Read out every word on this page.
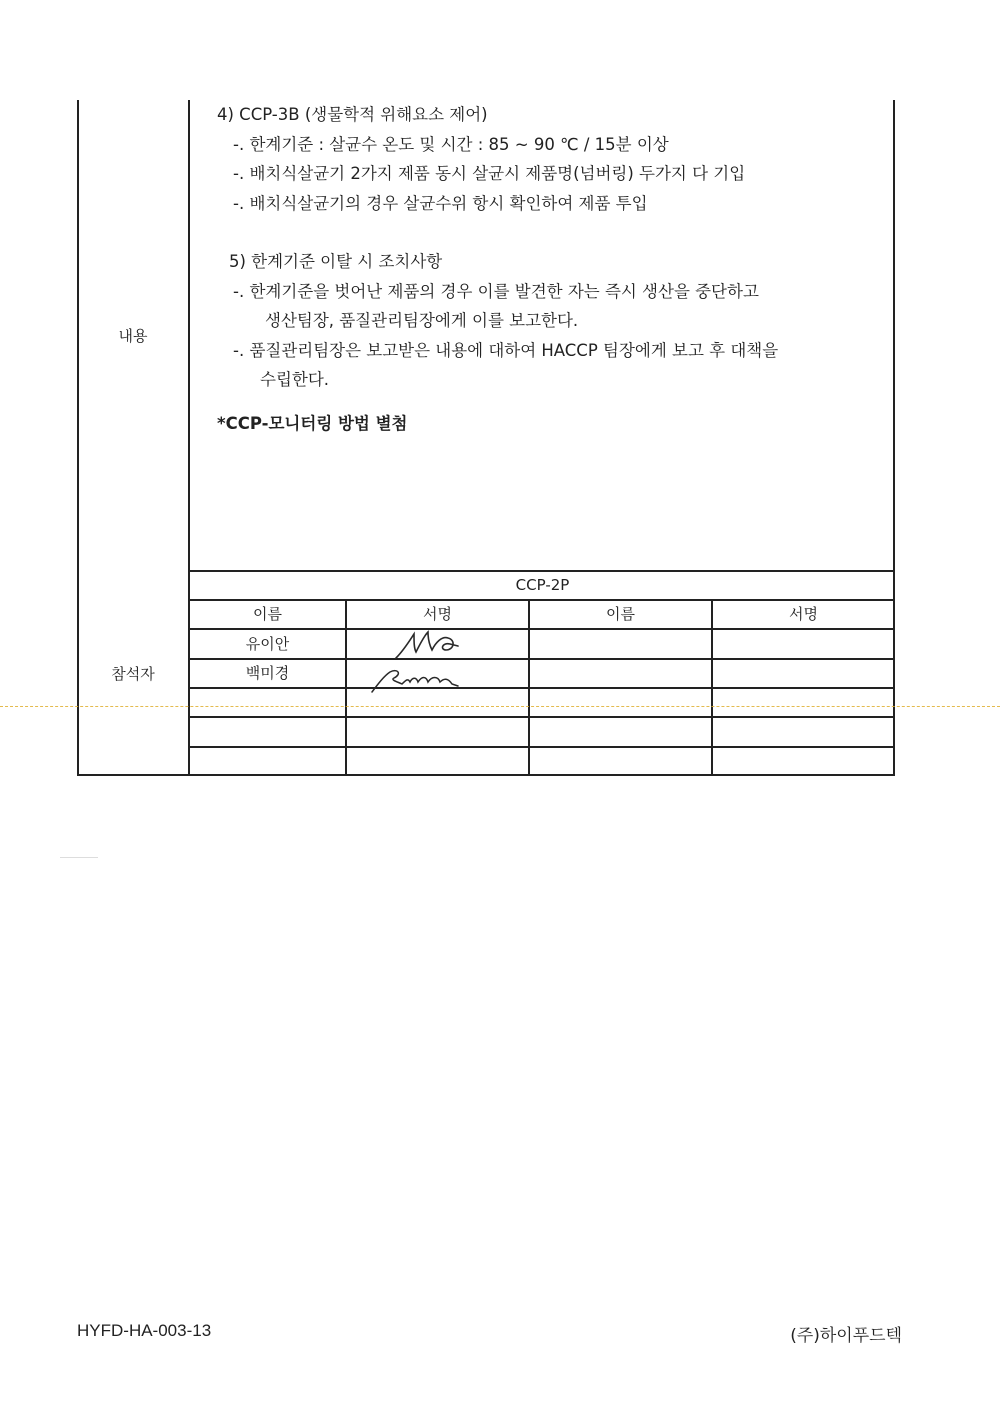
내용
참석자
4) CCP-3B (생물학적 위해요소 제어)
-. 한계기준 : 살균수 온도 및 시간 : 85 ~ 90 ℃ / 15분 이상
-. 배치식살균기 2가지 제품 동시 살균시 제품명(넘버링) 두가지 다 기입
-. 배치식살균기의 경우 살균수위 항시 확인하여 제품 투입
5) 한계기준 이탈 시 조치사항
-. 한계기준을 벗어난 제품의 경우 이를 발견한 자는 즉시 생산을 중단하고
생산팀장, 품질관리팀장에게 이를 보고한다.
-. 품질관리팀장은 보고받은 내용에 대하여 HACCP 팀장에게 보고 후 대책을
수립한다.
*CCP-모니터링 방법 별첨
CCP-2P
이름	서명	이름	서명
유이안
백미경
HYFD-HA-003-13	(주)하이푸드텍
